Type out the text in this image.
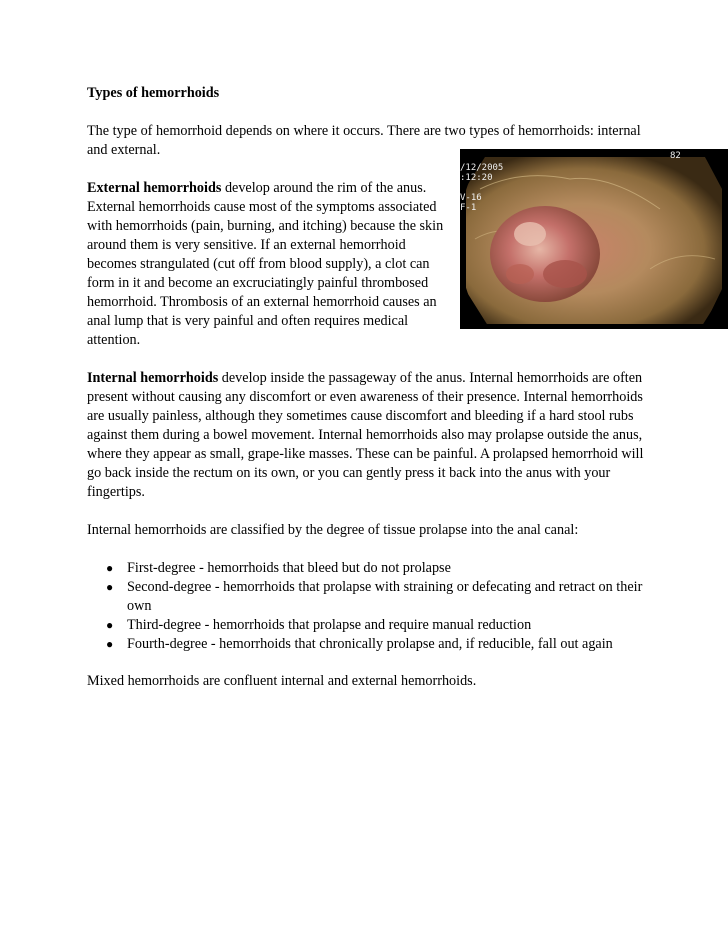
Types of hemorrhoids

The type of hemorrhoid depends on where it occurs. There are two types of hemorrhoids: internal and external.	82
/12/2005
:12:20
V-16
F-1

External hemorrhoids develop around the rim of the anus. External hemorrhoids cause most of the symptoms associated with hemorrhoids (pain, burning, and itching) because the skin around them is very sensitive. If an external hemorrhoid becomes strangulated (cut off from blood supply), a clot can form in it and become an excruciatingly painful thrombosed hemorrhoid. Thrombosis of an external hemorrhoid causes an anal lump that is very painful and often requires medical attention.

Internal hemorrhoids develop inside the passageway of the anus. Internal hemorrhoids are often present without causing any discomfort or even awareness of their presence. Internal hemorrhoids are usually painless, although they sometimes cause discomfort and bleeding if a hard stool rubs against them during a bowel movement. Internal hemorrhoids also may prolapse outside the anus, where they appear as small, grape-like masses. These can be painful. A prolapsed hemorrhoid will go back inside the rectum on its own, or you can gently press it back into the anus with your fingertips.

Internal hemorrhoids are classified by the degree of tissue prolapse into the anal canal:

● First-degree - hemorrhoids that bleed but do not prolapse
● Second-degree - hemorrhoids that prolapse with straining or defecating and retract on their own
● Third-degree - hemorrhoids that prolapse and require manual reduction
● Fourth-degree - hemorrhoids that chronically prolapse and, if reducible, fall out again

Mixed hemorrhoids are confluent internal and external hemorrhoids.
